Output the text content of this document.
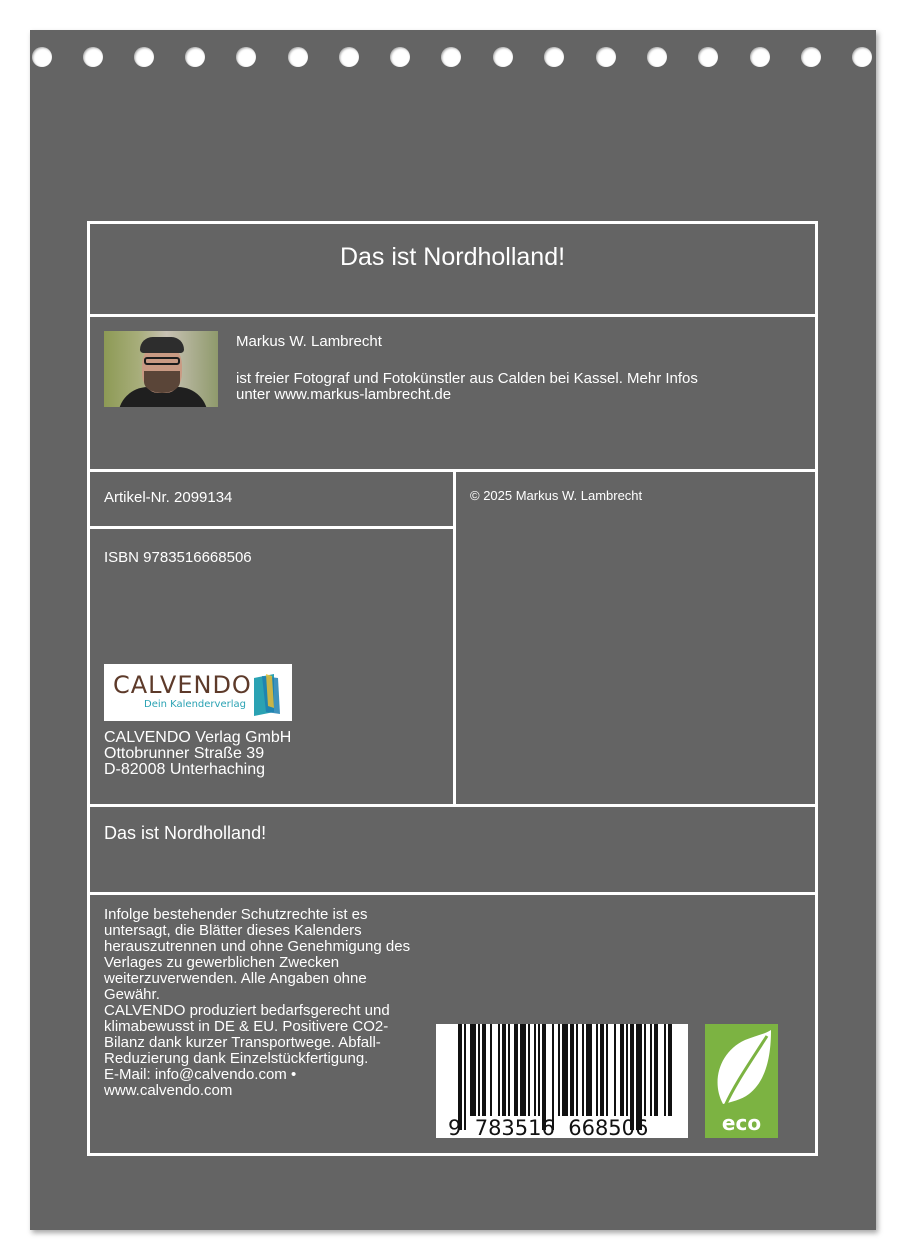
Das ist Nordholland!
Markus W. Lambrecht
ist freier Fotograf und Fotokünstler aus Calden bei Kassel. Mehr Infos
unter www.markus-lambrecht.de
Artikel-Nr. 2099134	© 2025 Markus W. Lambrecht
ISBN 9783516668506
CALVENDO
Dein Kalenderverlag
CALVENDO Verlag GmbH
Ottobrunner Straße 39
D-82008 Unterhaching
Das ist Nordholland!
Infolge bestehender Schutzrechte ist es
untersagt, die Blätter dieses Kalenders
herauszutrennen und ohne Genehmigung des
Verlages zu gewerblichen Zwecken
weiterzuverwenden. Alle Angaben ohne
Gewähr.
CALVENDO produziert bedarfsgerecht und
klimabewusst in DE & EU. Positivere CO2-
Bilanz dank kurzer Transportwege. Abfall-
Reduzierung dank Einzelstückfertigung.
E-Mail: info@calvendo.com •
www.calvendo.com
9  783516  668506	eco
